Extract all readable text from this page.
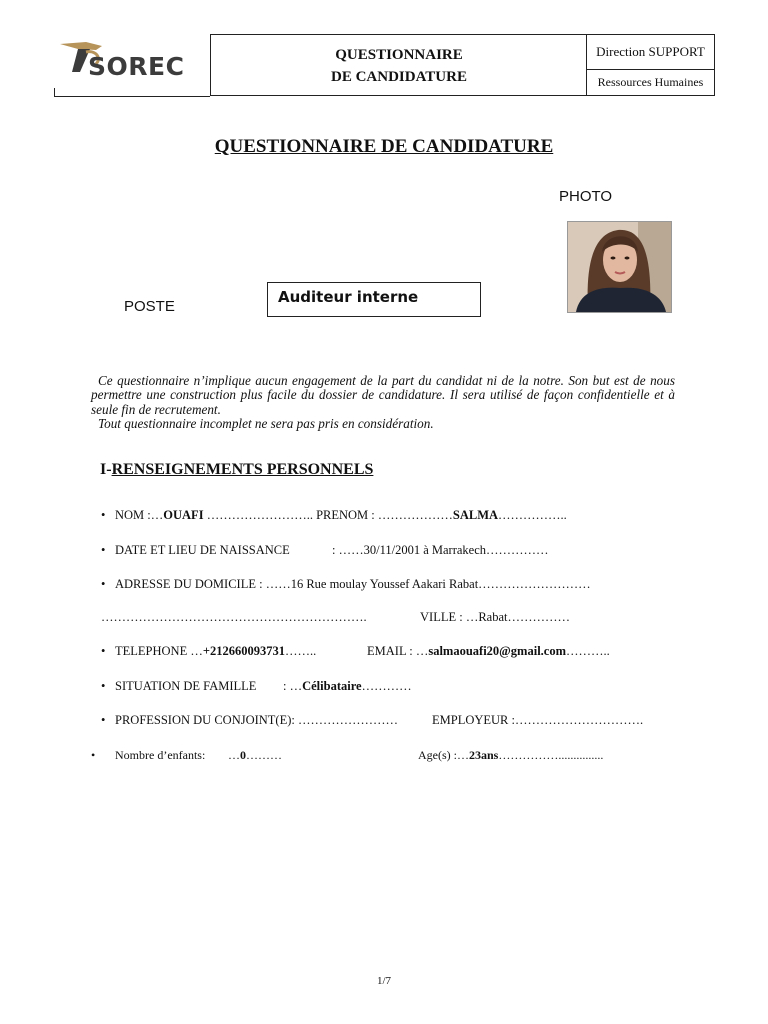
SOREC	QUESTIONNAIRE
DE CANDIDATURE
Direction SUPPORT
Ressources Humaines
QUESTIONNAIRE DE CANDIDATURE
PHOTO
POSTE
Auditeur interne

Ce questionnaire n’implique aucun engagement de la part du candidat ni de la notre. Son but est de nous permettre une construction plus facile du dossier de candidature. Il sera utilisé de façon confidentielle et à seule fin de recrutement.

Tout questionnaire incomplet ne sera pas pris en considération.

I-RENSEIGNEMENTS PERSONNELS
• NOM :…OUAFI …………………….. PRENOM : ………………SALMA……………..
• DATE ET LIEU DE NAISSANCE	: ……30/11/2001 à Marrakech……………
• ADRESSE DU DOMICILE : ……16 Rue moulay Youssef Aakari Rabat………………………
……………………………………………………….	VILLE : …Rabat……………
• TELEPHONE …+212660093731……..	EMAIL : …salmaouafi20@gmail.com………..
• SITUATION DE FAMILLE : …Célibataire…………
• PROFESSION DU CONJOINT(E): ……………………	EMPLOYEUR :………………………….
• Nombre d’enfants: …0………	Age(s) :…23ans……………...............
1/7
